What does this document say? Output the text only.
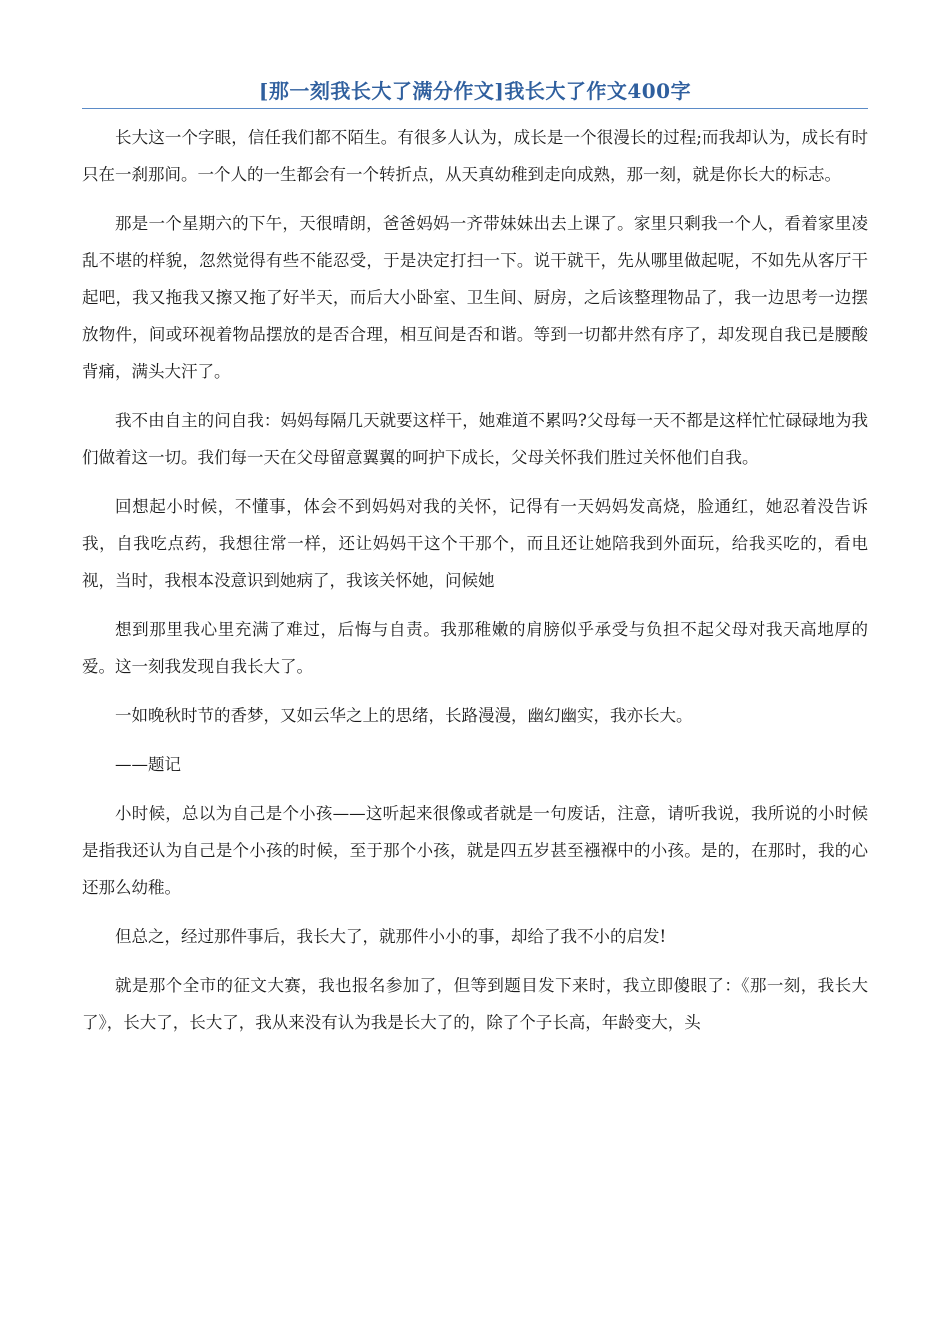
[那一刻我长大了满分作文]我长大了作文400字

长大这一个字眼，信任我们都不陌生。有很多人认为，成长是一个很漫长的过程;而我却认为，成长有时只在一刹那间。一个人的一生都会有一个转折点，从天真幼稚到走向成熟，那一刻，就是你长大的标志。

那是一个星期六的下午，天很晴朗，爸爸妈妈一齐带妹妹出去上课了。家里只剩我一个人，看着家里凌乱不堪的样貌，忽然觉得有些不能忍受，于是决定打扫一下。说干就干，先从哪里做起呢，不如先从客厅干起吧，我又拖我又擦又拖了好半天，而后大小卧室、卫生间、厨房，之后该整理物品了，我一边思考一边摆放物件，间或环视着物品摆放的是否合理，相互间是否和谐。等到一切都井然有序了，却发现自我已是腰酸背痛，满头大汗了。

我不由自主的问自我：妈妈每隔几天就要这样干，她难道不累吗?父母每一天不都是这样忙忙碌碌地为我们做着这一切。我们每一天在父母留意翼翼的呵护下成长，父母关怀我们胜过关怀他们自我。

回想起小时候，不懂事，体会不到妈妈对我的关怀，记得有一天妈妈发高烧，脸通红，她忍着没告诉我，自我吃点药，我想往常一样，还让妈妈干这个干那个，而且还让她陪我到外面玩，给我买吃的，看电视，当时，我根本没意识到她病了，我该关怀她，问候她

想到那里我心里充满了难过，后悔与自责。我那稚嫩的肩膀似乎承受与负担不起父母对我天高地厚的爱。这一刻我发现自我长大了。

一如晚秋时节的香梦，又如云华之上的思绪，长路漫漫，幽幻幽实，我亦长大。

——题记

小时候，总以为自己是个小孩——这听起来很像或者就是一句废话，注意，请听我说，我所说的小时候是指我还认为自己是个小孩的时候，至于那个小孩，就是四五岁甚至襁褓中的小孩。是的，在那时，我的心还那么幼稚。

但总之，经过那件事后，我长大了，就那件小小的事，却给了我不小的启发!

就是那个全市的征文大赛，我也报名参加了，但等到题目发下来时，我立即傻眼了：《那一刻，我长大了》，长大了，长大了，我从来没有认为我是长大了的，除了个子长高，年龄变大，头
